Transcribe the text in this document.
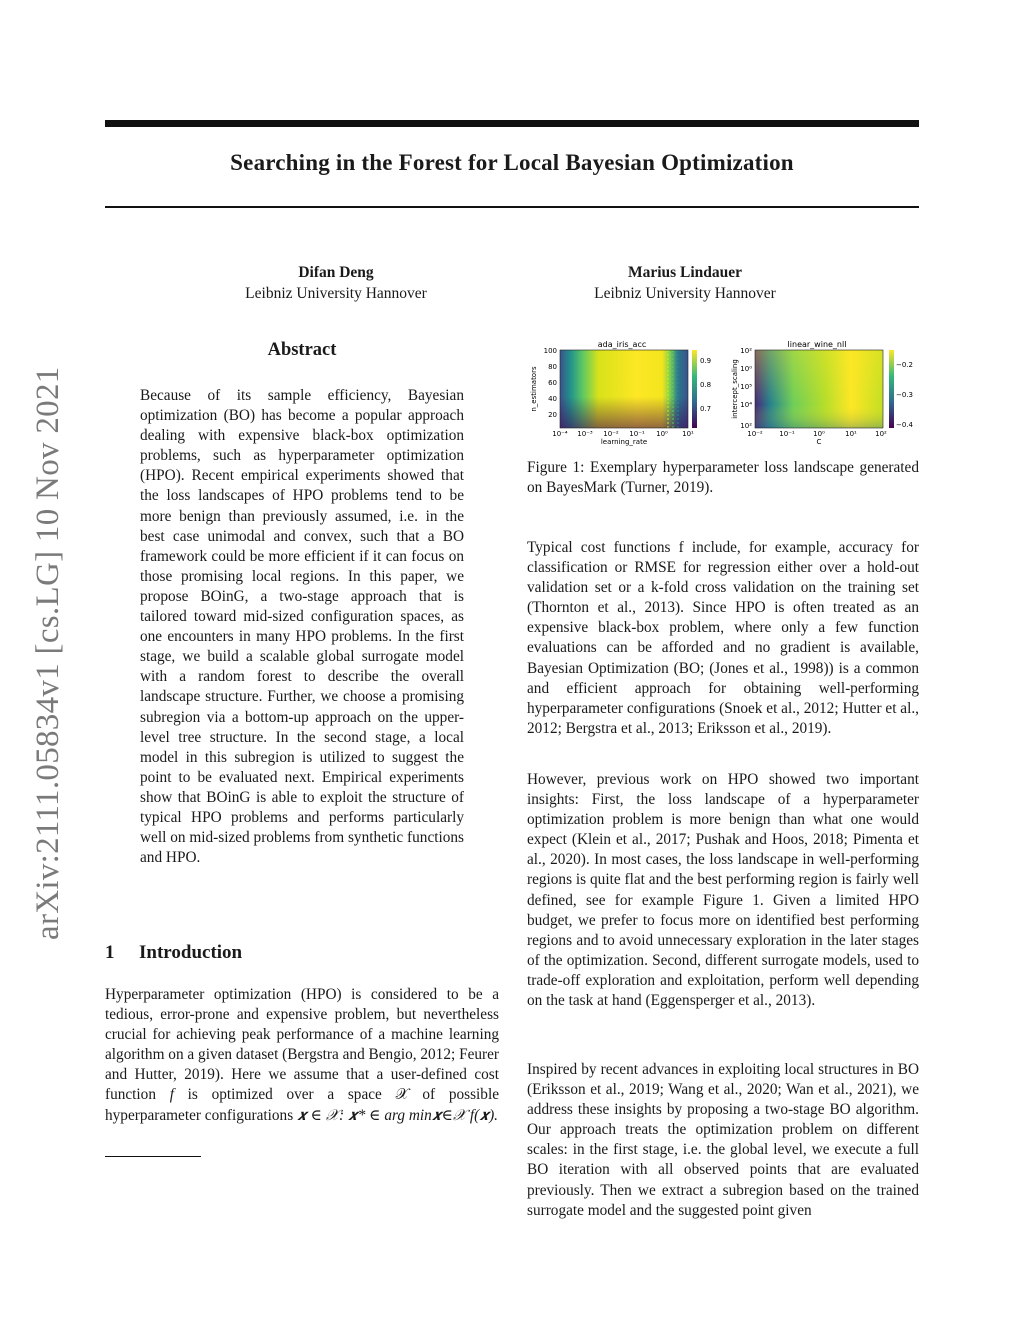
Searching in the Forest for Local Bayesian Optimization
Difan Deng
Leibniz University Hannover
Marius Lindauer
Leibniz University Hannover
arXiv:2111.05834v1 [cs.LG] 10 Nov 2021
Abstract
Because of its sample efficiency, Bayesian optimization (BO) has become a popular approach dealing with expensive black-box optimization problems, such as hyperparameter optimization (HPO). Recent empirical experiments showed that the loss landscapes of HPO problems tend to be more benign than previously assumed, i.e. in the best case unimodal and convex, such that a BO framework could be more efficient if it can focus on those promising local regions. In this paper, we propose BOinG, a two-stage approach that is tailored toward mid-sized configuration spaces, as one encounters in many HPO problems. In the first stage, we build a scalable global surrogate model with a random forest to describe the overall landscape structure. Further, we choose a promising subregion via a bottom-up approach on the upper-level tree structure. In the second stage, a local model in this subregion is utilized to suggest the point to be evaluated next. Empirical experiments show that BOinG is able to exploit the structure of typical HPO problems and performs particularly well on mid-sized problems from synthetic functions and HPO.
1 Introduction
Hyperparameter optimization (HPO) is considered to be a tedious, error-prone and expensive problem, but nevertheless crucial for achieving peak performance of a machine learning algorithm on a given dataset (Bergstra and Bengio, 2012; Feurer and Hutter, 2019). Here we assume that a user-defined cost function f is optimized over a space 𝒳 of possible hyperparameter configurations 𝒙 ∈ 𝒳: 𝒙* ∈ arg min𝒙∈𝒳 f(𝒙).
ada_iris_acc
100
80
60
40
20
n_estimators
10⁻⁴ 10⁻³ 10⁻² 10⁻¹ 10⁰ 10¹
learning_rate
0.9
0.8
0.7
linear_wine_nll
10²
10⁰
10⁵
10⁴
10²
intercept_scaling
10⁻² 10⁻¹	10⁰	10¹	10²
C
−0.2
−0.3
−0.4
Figure 1: Exemplary hyperparameter loss landscape generated on BayesMark (Turner, 2019).
Typical cost functions f include, for example, accuracy for classification or RMSE for regression either over a hold-out validation set or a k-fold cross validation on the training set (Thornton et al., 2013). Since HPO is often treated as an expensive black-box problem, where only a few function evaluations can be afforded and no gradient is available, Bayesian Optimization (BO; (Jones et al., 1998)) is a common and efficient approach for obtaining well-performing hyperparameter configurations (Snoek et al., 2012; Hutter et al., 2012; Bergstra et al., 2013; Eriksson et al., 2019).
However, previous work on HPO showed two important insights: First, the loss landscape of a hyperparameter optimization problem is more benign than what one would expect (Klein et al., 2017; Pushak and Hoos, 2018; Pimenta et al., 2020). In most cases, the loss landscape in well-performing regions is quite flat and the best performing region is fairly well defined, see for example Figure 1. Given a limited HPO budget, we prefer to focus more on identified best performing regions and to avoid unnecessary exploration in the later stages of the optimization. Second, different surrogate models, used to trade-off exploration and exploitation, perform well depending on the task at hand (Eggensperger et al., 2013).
Inspired by recent advances in exploiting local structures in BO (Eriksson et al., 2019; Wang et al., 2020; Wan et al., 2021), we address these insights by proposing a two-stage BO algorithm. Our approach treats the optimization problem on different scales: in the first stage, i.e. the global level, we execute a full BO iteration with all observed points that are evaluated previously. Then we extract a subregion based on the trained surrogate model and the suggested point given
